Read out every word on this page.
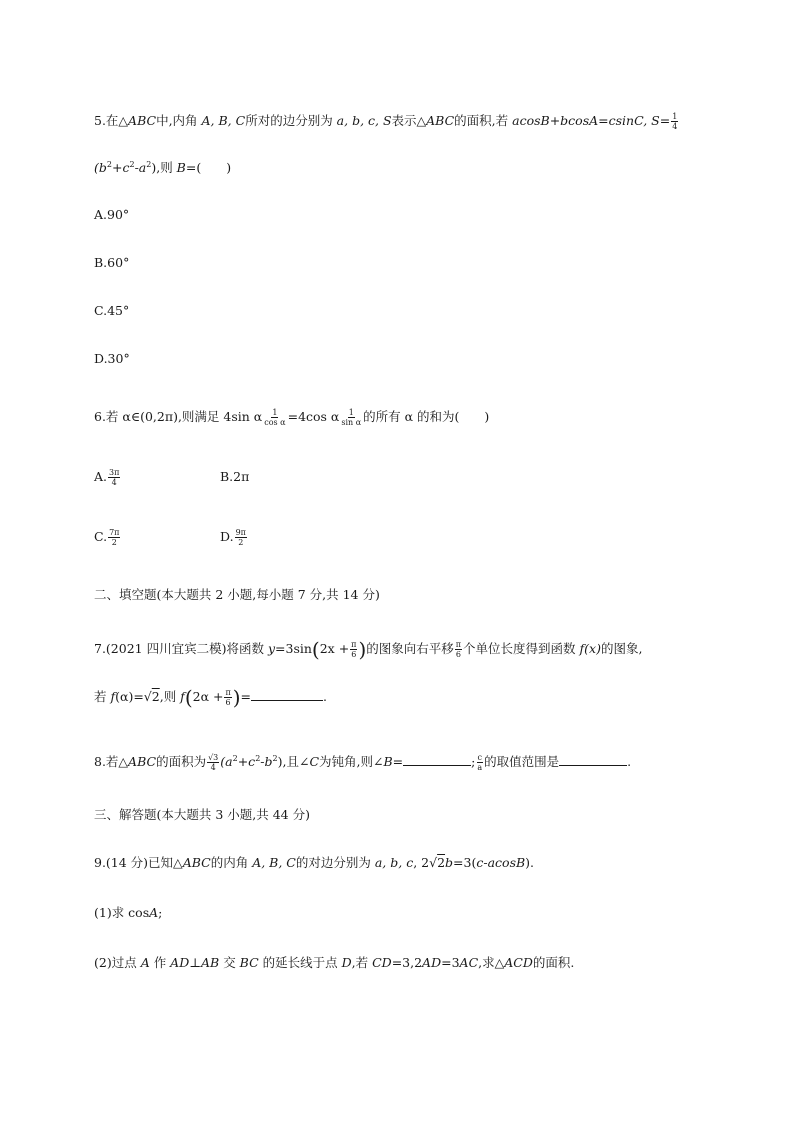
5.在△ABC中,内角 A, B, C所对的边分别为 a, b, c, S表示△ABC的面积,若 acosB+bcosA=csinC, $S= \frac{1}{4}$
$(b^2+c^2-a^2)$,则 B=(　　)
A.90°
B.60°
C.45°
D.30°
6.若 α∈(0,2π),则满足 4sin α $\frac{1}{\text{cos α}} =4\cos$ α $\frac{1}{\text{sin α}}$ 的所有 α 的和为(　　)
A. $\frac{3\pi}{4}$	B.2π
C. $\frac{7\pi}{2}$	D. $\frac{9\pi}{2}$
二、填空题(本大题共 2 小题,每小题 7 分,共 14 分)
7.(2021 四川宜宾二模)将函数 $y=3\sin(2x + \frac{\pi}{6}$ )的图象向右平移 $\frac{\pi}{6}$ 个单位长度得到函数 f(x)的图象,
若 f(α)=√2,则 $f(2\alpha + \frac{\pi}{6}$ )=	.
8.若△ABC的面积为 $\frac{√3}{4} (a^2+c^2-b^2)$,且∠C为钝角,则∠B=	; $\frac{c}{a}$ 的取值范围是	.
三、解答题(本大题共 3 小题,共 44 分)
9.(14 分)已知△ABC的内角 A, B, C的对边分别为 a, b, c, 2√2b=3(c-acosB).
(1)求 cosA;
(2)过点 A 作 AD⊥AB 交 BC 的延长线于点 D,若 CD=3,2AD=3AC,求△ACD的面积.
